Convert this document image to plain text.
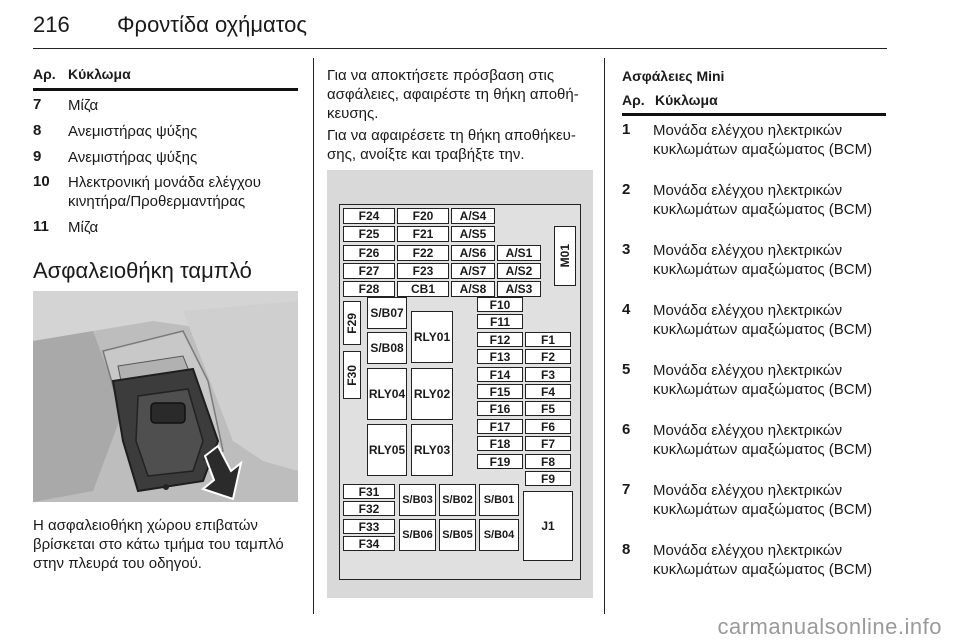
216 Φροντίδα οχήματος
Αρ. Κύκλωμα
7 Μίζα
8 Ανεμιστήρας ψύξης
9 Ανεμιστήρας ψύξης
10 Ηλεκτρονική μονάδα ελέγχου κινητήρα/Προθερμαντήρας
11 Μίζα
Ασφαλειοθήκη ταμπλό
Η ασφαλειοθήκη χώρου επιβατών βρίσκεται στο κάτω τμήμα του ταμπλό στην πλευρά του οδηγού.
Για να αποκτήσετε πρόσβαση στις ασφάλειες, αφαιρέστε τη θήκη αποθή-κευσης.
Για να αφαιρέσετε τη θήκη αποθήκευ-σης, ανοίξτε και τραβήξτε την.
F24	F20	A/S4
F25	F21	A/S5
F26	F22	A/S6	A/S1
F27	F23	A/S7	A/S2
F28	CB1	A/S8	A/S3
M01
F29 S/B07
RLY01
F10
F11
S/B08
F12	F1
F13	F2
F30
RLY04 RLY02
F14	F3
F15	F4
F16	F5
RLY05 RLY03
F17	F6
F18	F7
F19	F8
F9
F31
S/B03 S/B02 S/B01
F32
J1
F33
S/B06 S/B05 S/B04
F34
Ασφάλειες Mini
Αρ. Κύκλωμα
1 Μονάδα ελέγχου ηλεκτρικών κυκλωμάτων αμαξώματος (BCM)
2 Μονάδα ελέγχου ηλεκτρικών κυκλωμάτων αμαξώματος (BCM)
3 Μονάδα ελέγχου ηλεκτρικών κυκλωμάτων αμαξώματος (BCM)
4 Μονάδα ελέγχου ηλεκτρικών κυκλωμάτων αμαξώματος (BCM)
5 Μονάδα ελέγχου ηλεκτρικών κυκλωμάτων αμαξώματος (BCM)
6 Μονάδα ελέγχου ηλεκτρικών κυκλωμάτων αμαξώματος (BCM)
7 Μονάδα ελέγχου ηλεκτρικών κυκλωμάτων αμαξώματος (BCM)
8 Μονάδα ελέγχου ηλεκτρικών κυκλωμάτων αμαξώματος (BCM)
carmanualsonline.info
